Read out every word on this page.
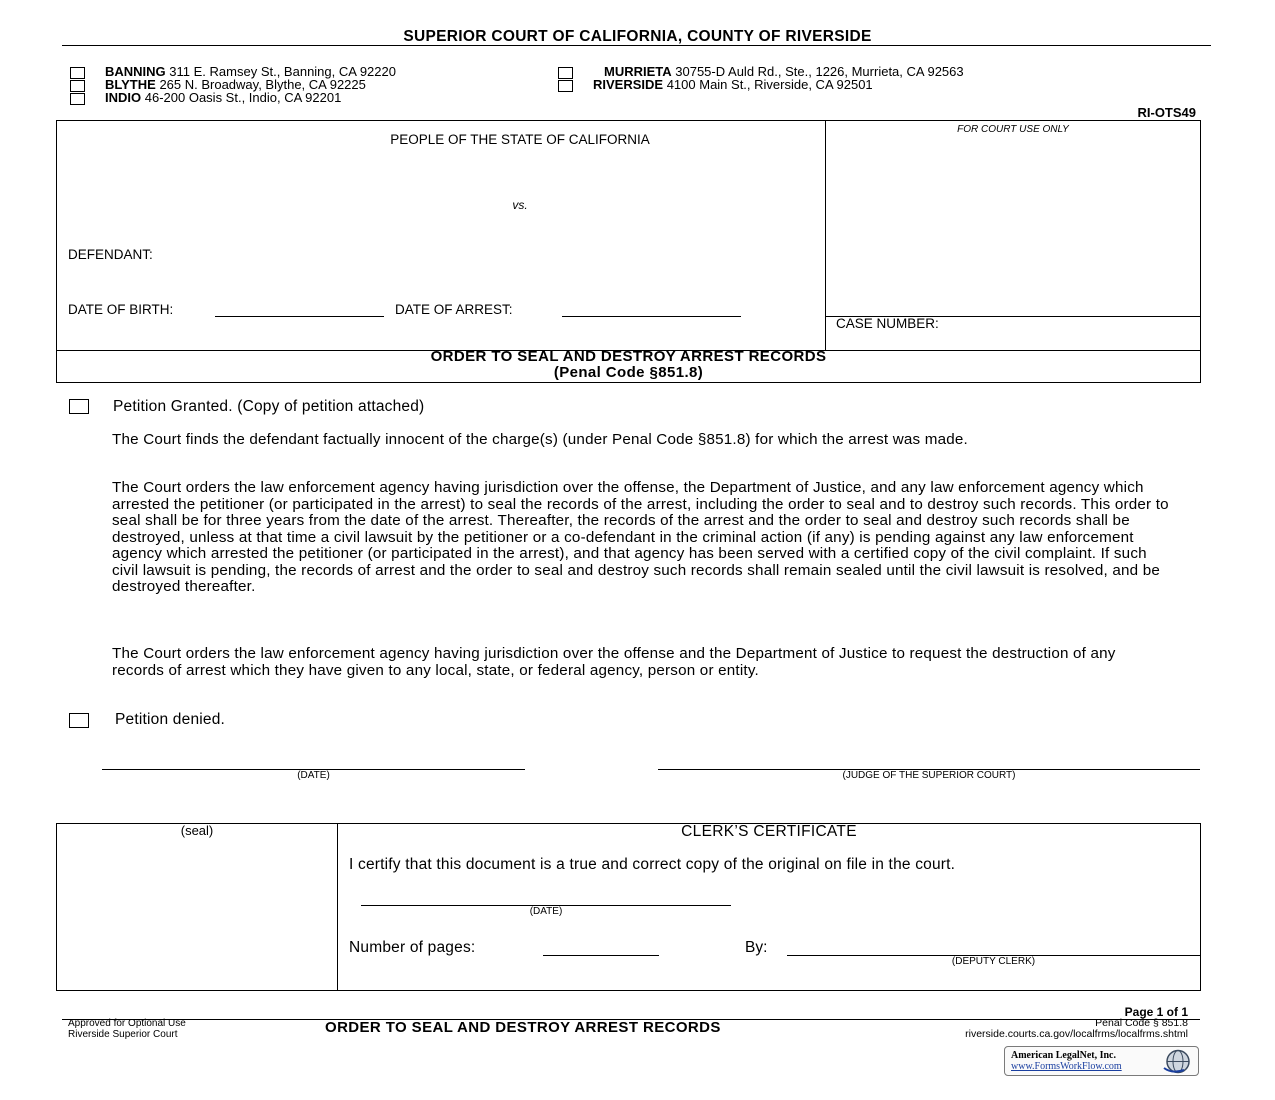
SUPERIOR COURT OF CALIFORNIA, COUNTY OF RIVERSIDE
BANNING 311 E. Ramsey St., Banning, CA 92220
BLYTHE 265 N. Broadway, Blythe, CA 92225
INDIO 46-200 Oasis St., Indio, CA 92201
MURRIETA 30755-D Auld Rd., Ste., 1226, Murrieta, CA 92563
RIVERSIDE 4100 Main St., Riverside, CA 92501
RI-OTS49
PEOPLE OF THE STATE OF CALIFORNIA
vs.
DEFENDANT:
DATE OF BIRTH:	DATE OF ARREST:
FOR COURT USE ONLY
CASE NUMBER:
ORDER TO SEAL AND DESTROY ARREST RECORDS
(Penal Code §851.8)
Petition Granted. (Copy of petition attached)
The Court finds the defendant factually innocent of the charge(s) (under Penal Code §851.8) for which the arrest was made.
The Court orders the law enforcement agency having jurisdiction over the offense, the Department of Justice, and any law enforcement agency which arrested the petitioner (or participated in the arrest) to seal the records of the arrest, including the order to seal and to destroy such records. This order to seal shall be for three years from the date of the arrest. Thereafter, the records of the arrest and the order to seal and destroy such records shall be destroyed, unless at that time a civil lawsuit by the petitioner or a co-defendant in the criminal action (if any) is pending against any law enforcement agency which arrested the petitioner (or participated in the arrest), and that agency has been served with a certified copy of the civil complaint. If such civil lawsuit is pending, the records of arrest and the order to seal and destroy such records shall remain sealed until the civil lawsuit is resolved, and be destroyed thereafter.
The Court orders the law enforcement agency having jurisdiction over the offense and the Department of Justice to request the destruction of any records of arrest which they have given to any local, state, or federal agency, person or entity.
Petition denied.
(DATE)	(JUDGE OF THE SUPERIOR COURT)
(seal)	CLERK’S CERTIFICATE
I certify that this document is a true and correct copy of the original on file in the court.
(DATE)
Number of pages:	By:
(DEPUTY CLERK)
Page 1 of 1
Approved for Optional Use
Riverside Superior Court	ORDER TO SEAL AND DESTROY ARREST RECORDS	Penal Code § 851.8
riverside.courts.ca.gov/localfrms/localfrms.shtml
American LegalNet, Inc.
www.FormsWorkFlow.com
